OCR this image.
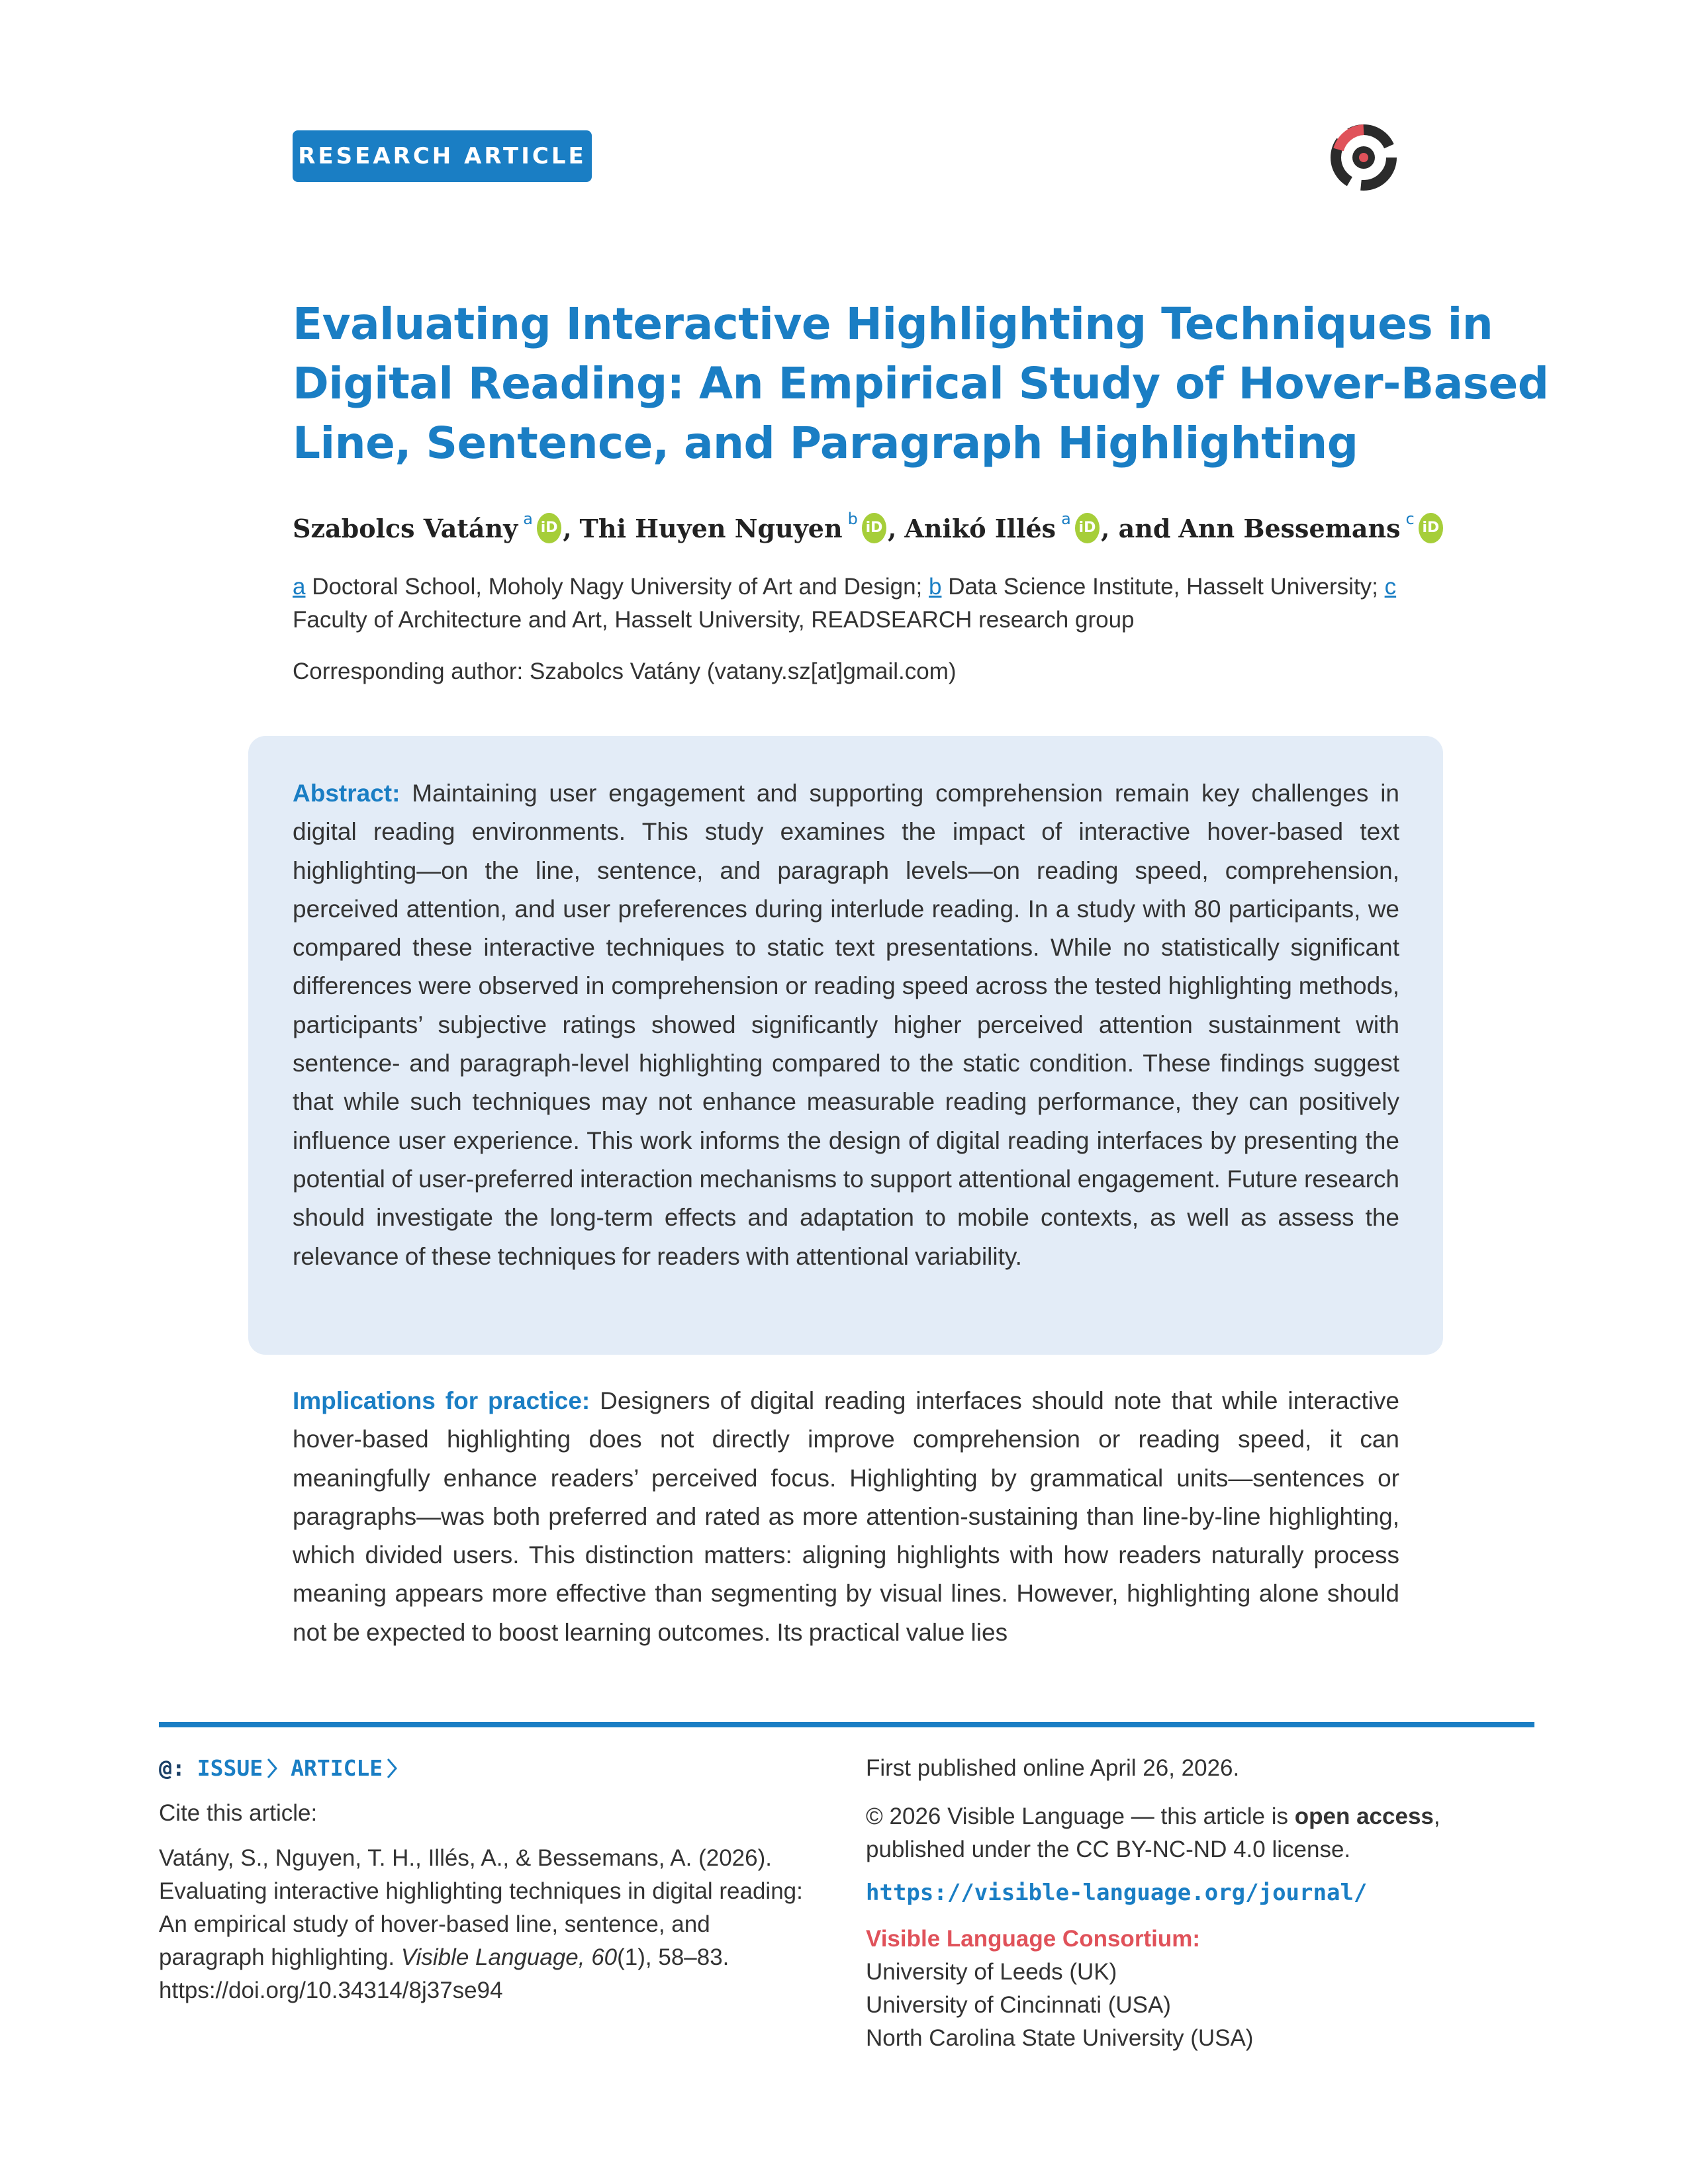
RESEARCH ARTICLE
Evaluating Interactive Highlighting Techniques in
Digital Reading: An Empirical Study of Hover-Based
Line, Sentence, and Paragraph Highlighting
Szabolcs Vatány $^a$ iD , Thi Huyen Nguyen $^b$ iD , Anikó Illés $^a$ iD , and Ann Bessemans $^c$ iD
a Doctoral School, Moholy Nagy University of Art and Design; b Data Science Institute, Hasselt University; c Faculty of Architecture and Art, Hasselt University, READSEARCH research group
Corresponding author: Szabolcs Vatány (vatany.sz[at]gmail.com)
Abstract: Maintaining user engagement and supporting comprehension remain key challenges in digital reading environments. This study examines the impact of interactive hover-based text highlighting—on the line, sentence, and paragraph levels—on reading speed, comprehension, perceived attention, and user preferences during interlude reading. In a study with 80 participants, we compared these interactive techniques to static text presentations. While no statistically significant differences were observed in comprehension or reading speed across the tested highlighting methods, participants’ subjective ratings showed significantly higher perceived attention sustainment with sentence- and paragraph-level highlighting compared to the static condition. These findings suggest that while such techniques may not enhance measurable reading performance, they can positively influence user experience. This work informs the design of digital reading interfaces by presenting the potential of user-preferred interaction mechanisms to support attentional engagement. Future research should investigate the long-term effects and adaptation to mobile contexts, as well as assess the relevance of these techniques for readers with attentional variability.
Implications for practice: Designers of digital reading interfaces should note that while interactive hover-based highlighting does not directly improve comprehension or reading speed, it can meaningfully enhance readers’ perceived focus. Highlighting by grammatical units—sentences or paragraphs—was both preferred and rated as more attention-sustaining than line-by-line highlighting, which divided users. This distinction matters: aligning highlights with how readers naturally process meaning appears more effective than segmenting by visual lines. However, highlighting alone should not be expected to boost learning outcomes. Its practical value lies
@: ISSUE ARTICLE
Cite this article:
Vatány, S., Nguyen, T. H., Illés, A., & Bessemans, A. (2026). Evaluating interactive highlighting techniques in digital reading: An empirical study of hover-based line, sentence, and paragraph highlighting. Visible Language, 60(1), 58–83. https://doi.org/10.34314/8j37se94
First published online April 26, 2026.
© 2026 Visible Language — this article is open access, published under the CC BY-NC-ND 4.0 license.
https://visible-language.org/journal/
Visible Language Consortium:
University of Leeds (UK)
University of Cincinnati (USA)
North Carolina State University (USA)
